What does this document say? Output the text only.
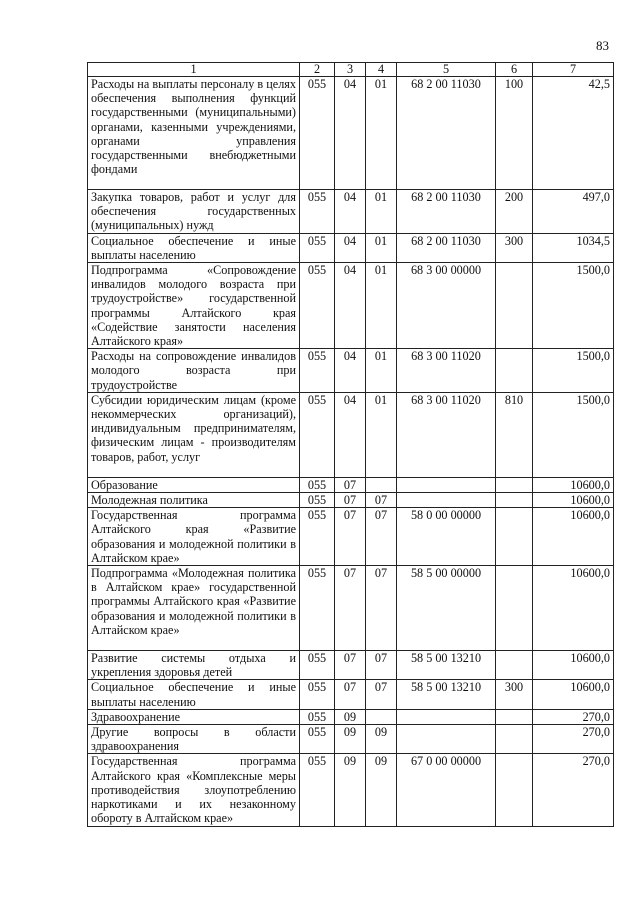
83
1	2	3	4	5	6	7
Расходы на выплаты персоналу в целях обеспечения выполнения функций государственными (муниципальными) органами, казенными учреждениями, органами управления государственными внебюджетными фондами	055	04	01	68 2 00 11030	100	42,5
Закупка товаров, работ и услуг для обеспечения государственных (муниципальных) нужд	055	04	01	68 2 00 11030	200	497,0
Социальное обеспечение и иные выплаты населению	055	04	01	68 2 00 11030	300	1034,5
Подпрограмма «Сопровождение инвалидов молодого возраста при трудоустройстве» государственной программы Алтайского края «Содействие занятости населения Алтайского края»	055	04	01	68 3 00 00000		1500,0
Расходы на сопровождение инвалидов молодого возраста при трудоустройстве	055	04	01	68 3 00 11020		1500,0
Субсидии юридическим лицам (кроме некоммерческих организаций), индивидуальным предпринимателям, физическим лицам - производителям товаров, работ, услуг	055	04	01	68 3 00 11020	810	1500,0
Образование	055	07				10600,0
Молодежная политика	055	07	07			10600,0
Государственная программа Алтайского края «Развитие образования и молодежной политики в Алтайском крае»	055	07	07	58 0 00 00000		10600,0
Подпрограмма «Молодежная политика в Алтайском крае» государственной программы Алтайского края «Развитие образования и молодежной политики в Алтайском крае»	055	07	07	58 5 00 00000		10600,0
Развитие системы отдыха и укрепления здоровья детей	055	07	07	58 5 00 13210		10600,0
Социальное обеспечение и иные выплаты населению	055	07	07	58 5 00 13210	300	10600,0
Здравоохранение	055	09				270,0
Другие вопросы в области здравоохранения	055	09	09			270,0
Государственная программа Алтайского края «Комплексные меры противодействия злоупотреблению наркотиками и их незаконному обороту в Алтайском крае»	055	09	09	67 0 00 00000		270,0
